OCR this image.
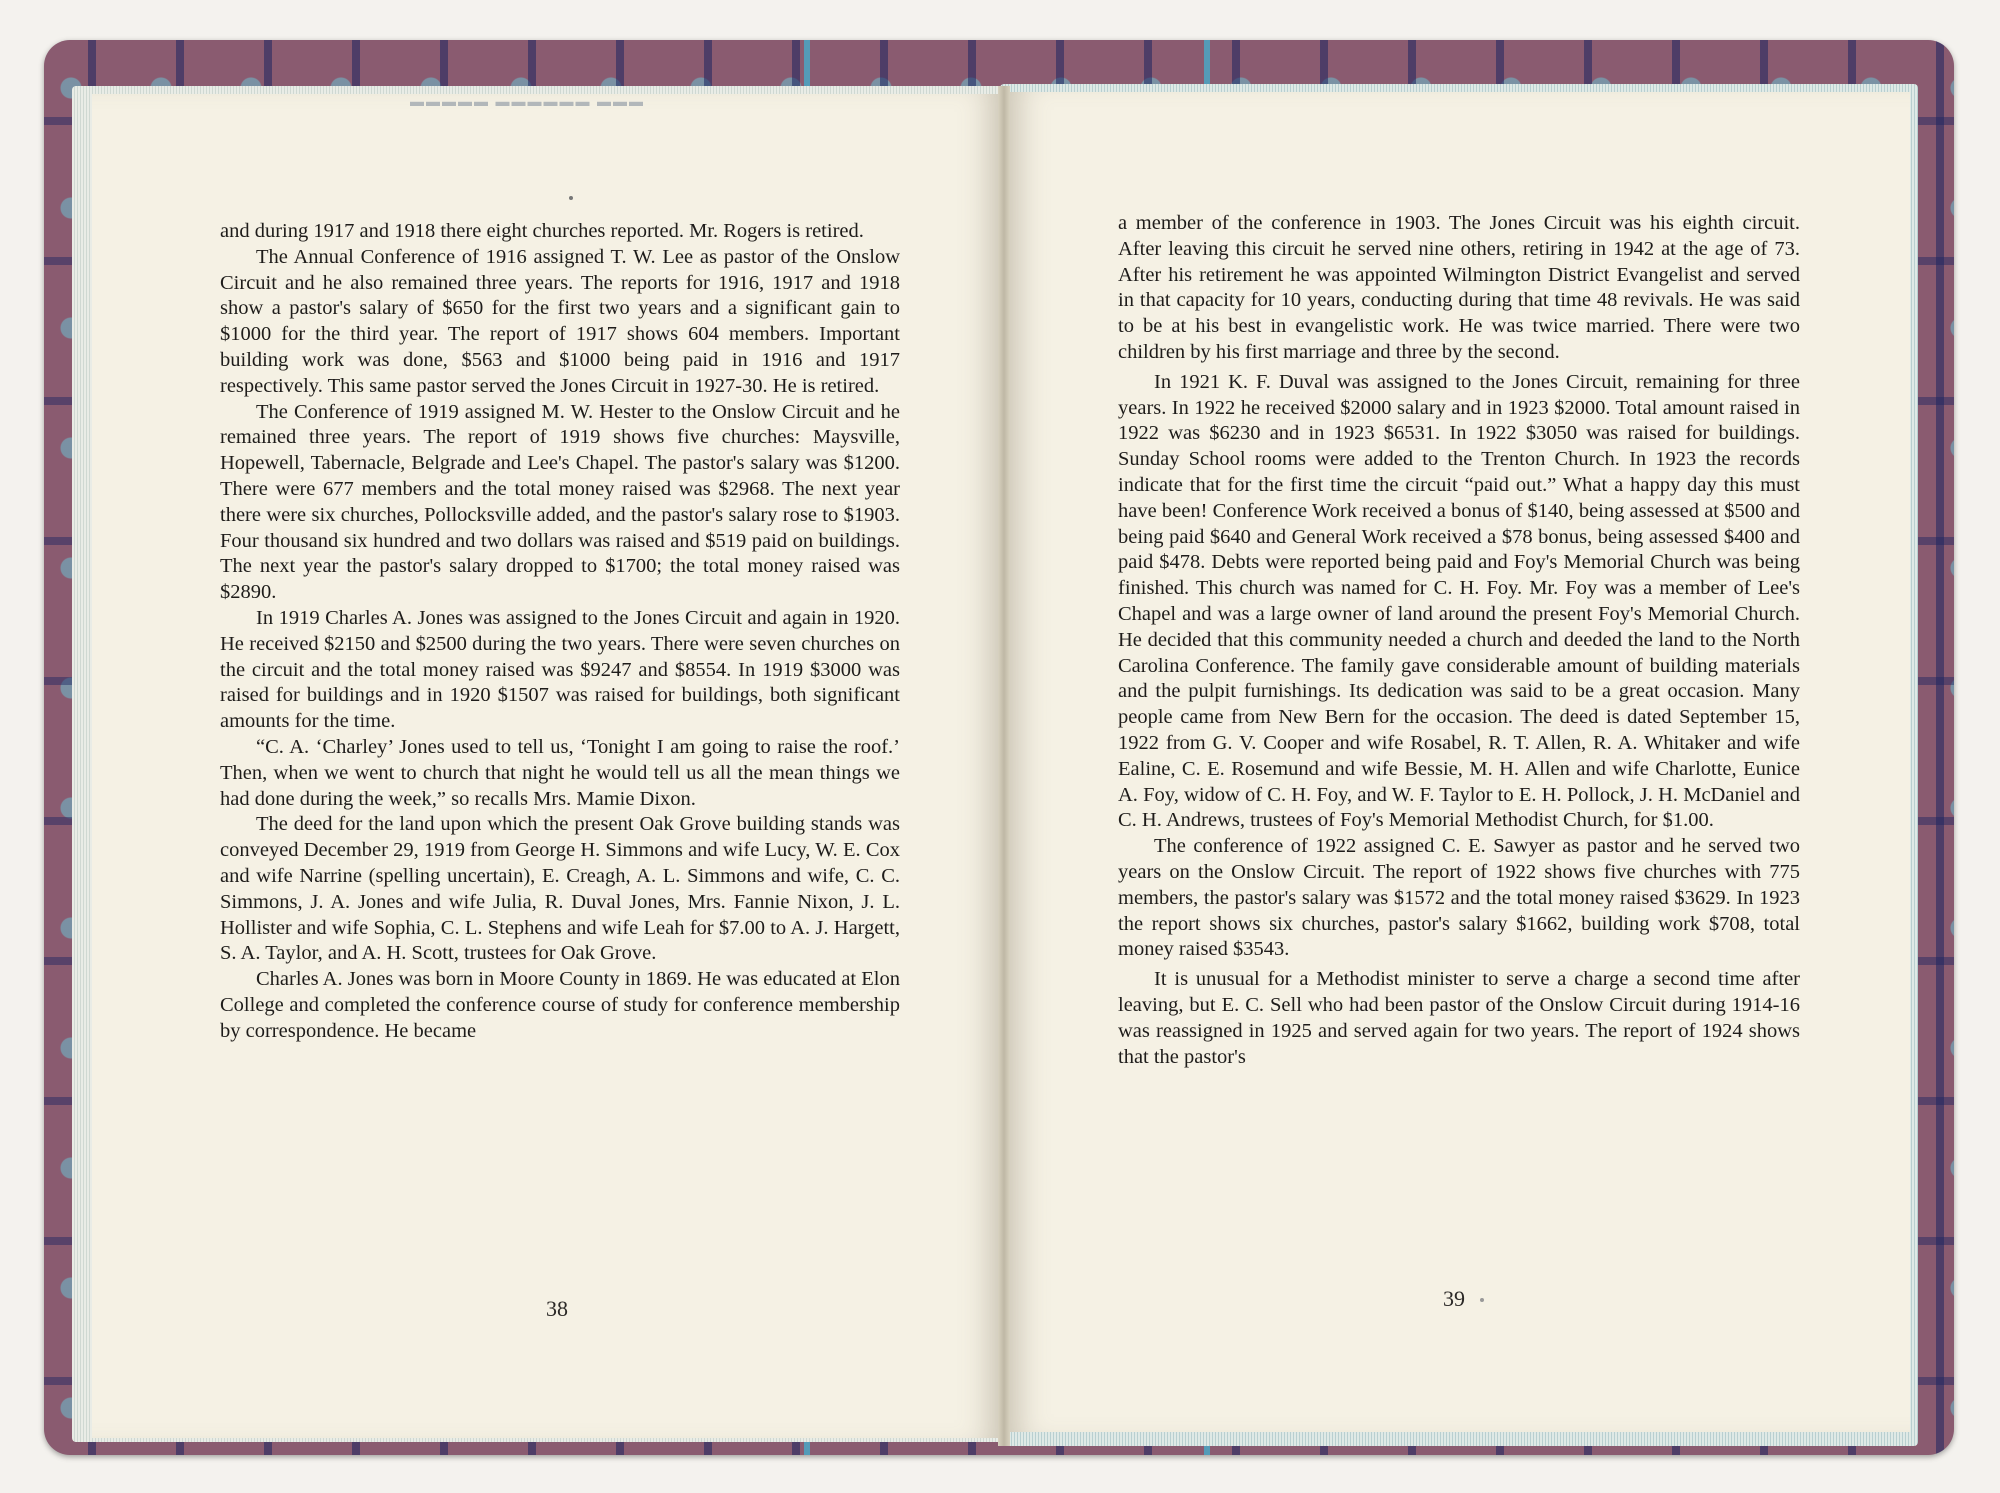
▬▬▬▬▬ ▬▬▬▬▬▬ ▬▬▬

and during 1917 and 1918 there eight churches reported. Mr. Rogers is retired.

The Annual Conference of 1916 assigned T. W. Lee as pastor of the Onslow Circuit and he also remained three years. The reports for 1916, 1917 and 1918 show a pastor's salary of $650 for the first two years and a significant gain to $1000 for the third year. The report of 1917 shows 604 members. Important building work was done, $563 and $1000 being paid in 1916 and 1917 respectively. This same pastor served the Jones Circuit in 1927-30. He is retired.

The Conference of 1919 assigned M. W. Hester to the Onslow Circuit and he remained three years. The report of 1919 shows five churches: Maysville, Hopewell, Tabernacle, Belgrade and Lee's Chapel. The pastor's salary was $1200. There were 677 members and the total money raised was $2968. The next year there were six churches, Pollocksville added, and the pastor's salary rose to $1903. Four thousand six hundred and two dollars was raised and $519 paid on buildings. The next year the pastor's salary dropped to $1700; the total money raised was $2890.

In 1919 Charles A. Jones was assigned to the Jones Circuit and again in 1920. He received $2150 and $2500 during the two years. There were seven churches on the circuit and the total money raised was $9247 and $8554. In 1919 $3000 was raised for buildings and in 1920 $1507 was raised for buildings, both significant amounts for the time.

“C. A. ‘Charley’ Jones used to tell us, ‘Tonight I am going to raise the roof.’ Then, when we went to church that night he would tell us all the mean things we had done during the week,” so recalls Mrs. Mamie Dixon.

The deed for the land upon which the present Oak Grove building stands was conveyed December 29, 1919 from George H. Simmons and wife Lucy, W. E. Cox and wife Narrine (spelling uncertain), E. Creagh, A. L. Simmons and wife, C. C. Simmons, J. A. Jones and wife Julia, R. Duval Jones, Mrs. Fannie Nixon, J. L. Hollister and wife Sophia, C. L. Stephens and wife Leah for $7.00 to A. J. Hargett, S. A. Taylor, and A. H. Scott, trustees for Oak Grove.

Charles A. Jones was born in Moore County in 1869. He was educated at Elon College and completed the conference course of study for conference membership by correspondence. He became

a member of the conference in 1903. The Jones Circuit was his eighth circuit. After leaving this circuit he served nine others, retiring in 1942 at the age of 73. After his retirement he was appointed Wilmington District Evangelist and served in that capacity for 10 years, conducting during that time 48 revivals. He was said to be at his best in evangelistic work. He was twice married. There were two children by his first marriage and three by the second.

In 1921 K. F. Duval was assigned to the Jones Circuit, remaining for three years. In 1922 he received $2000 salary and in 1923 $2000. Total amount raised in 1922 was $6230 and in 1923 $6531. In 1922 $3050 was raised for buildings. Sunday School rooms were added to the Trenton Church. In 1923 the records indicate that for the first time the circuit “paid out.” What a happy day this must have been! Conference Work received a bonus of $140, being assessed at $500 and being paid $640 and General Work received a $78 bonus, being assessed $400 and paid $478. Debts were reported being paid and Foy's Memorial Church was being finished. This church was named for C. H. Foy. Mr. Foy was a member of Lee's Chapel and was a large owner of land around the present Foy's Memorial Church. He decided that this community needed a church and deeded the land to the North Carolina Conference. The family gave considerable amount of building materials and the pulpit furnishings. Its dedication was said to be a great occasion. Many people came from New Bern for the occasion. The deed is dated September 15, 1922 from G. V. Cooper and wife Rosabel, R. T. Allen, R. A. Whitaker and wife Ealine, C. E. Rosemund and wife Bessie, M. H. Allen and wife Charlotte, Eunice A. Foy, widow of C. H. Foy, and W. F. Taylor to E. H. Pollock, J. H. McDaniel and C. H. Andrews, trustees of Foy's Memorial Methodist Church, for $1.00.

The conference of 1922 assigned C. E. Sawyer as pastor and he served two years on the Onslow Circuit. The report of 1922 shows five churches with 775 members, the pastor's salary was $1572 and the total money raised $3629. In 1923 the report shows six churches, pastor's salary $1662, building work $708, total money raised $3543.

It is unusual for a Methodist minister to serve a charge a second time after leaving, but E. C. Sell who had been pastor of the Onslow Circuit during 1914-16 was reassigned in 1925 and served again for two years. The report of 1924 shows that the pastor's

38	39
